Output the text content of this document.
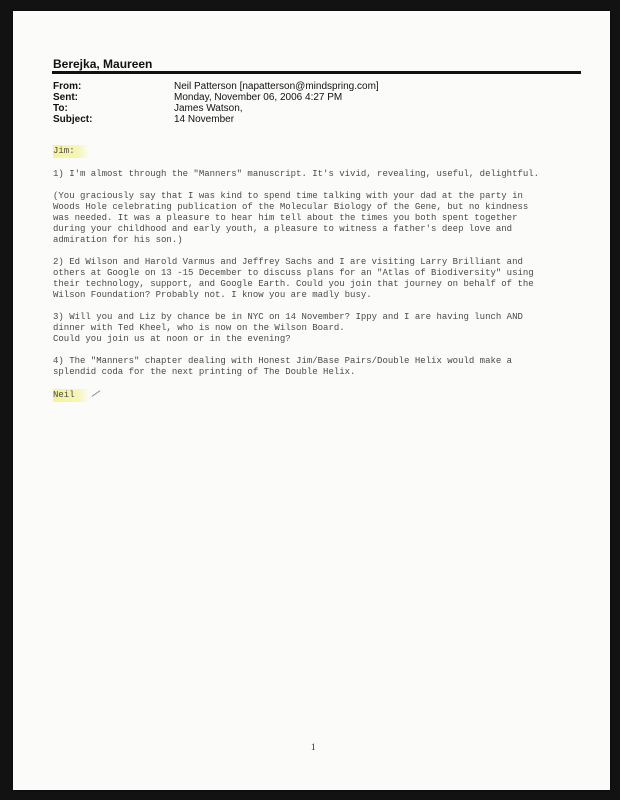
Berejka, Maureen
From:	Neil Patterson [napatterson@mindspring.com]
Sent:	Monday, November 06, 2006 4:27 PM
To:	James Watson,
Subject:	14 November

Jim:

1) I'm almost through the "Manners" manuscript. It's vivid, revealing, useful, delightful.

(You graciously say that I was kind to spend time talking with your dad at the party in
Woods Hole celebrating publication of the Molecular Biology of the Gene, but no kindness
was needed. It was a pleasure to hear him tell about the times you both spent together
during your childhood and early youth, a pleasure to witness a father's deep love and
admiration for his son.)

2) Ed Wilson and Harold Varmus and Jeffrey Sachs and I are visiting Larry Brilliant and
others at Google on 13 -15 December to discuss plans for an "Atlas of Biodiversity" using
their technology, support, and Google Earth. Could you join that journey on behalf of the
Wilson Foundation? Probably not. I know you are madly busy.

3) Will you and Liz by chance be in NYC on 14 November? Ippy and I are having lunch AND
dinner with Ted Kheel, who is now on the Wilson Board.
Could you join us at noon or in the evening?

4) The "Manners" chapter dealing with Honest Jim/Base Pairs/Double Helix would make a
splendid coda for the next printing of The Double Helix.

Neil

1
